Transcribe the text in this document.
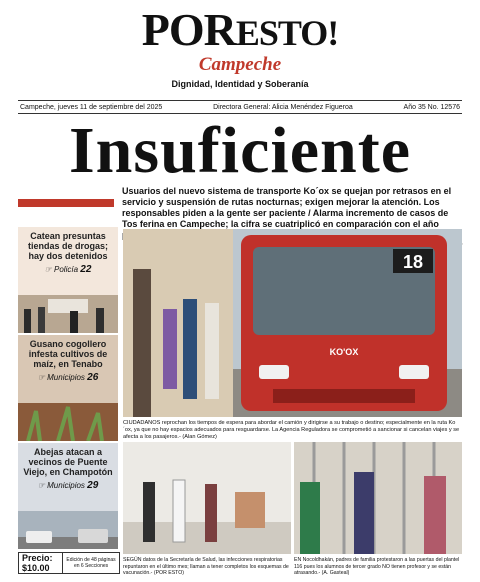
PORESTO!
Campeche
Dignidad, Identidad y Soberanía
Campeche, jueves 11 de septiembre del 2025	Directora General: Alicia Menéndez Figueroa	Año 35 No. 12576
Insuficiente
Usuarios del nuevo sistema de transporte Ko´ox se quejan por retrasos en el servicio y suspensión de rutas nocturnas; exigen mejorar la atención. Los responsables piden a la gente ser paciente / Alarma incremento de casos de Tos ferina en Campeche; la cifra se cuatriplicó en comparación con el año
Catean presuntas tiendas de drogas; hay dos detenidos
☞ Policía 22
Gusano cogollero infesta cultivos de maíz, en Tenabo
☞ Municipios 26
Abejas atacan a vecinos de Puente Viejo, en Champotón
☞ Municipios 29
Precio: $10.00
Edición de 48 páginas en 6 Secciones
18
KO'OX
CIUDADANOS reprochan los tiempos de espera para abordar el camión y dirigirse a su trabajo o destino; especialmente en la ruta Ko´ox, ya que no hay espacios adecuados para resguardarse. La Agencia Reguladora se comprometió a sancionar si cancelan viajes y se afecta a los pasajeros.- (Alan Gómez)
SEGÚN datos de la Secretaría de Salud, las infecciones respiratorias repuntaron en el último mes; llaman a tener completos los esquemas de vacunación.- (POR ESTO)
EN Nocoldhakán, padres de familia protestaron a las puertas del plantel 116 pues los alumnos de tercer grado NO tienen profesor y se están atrasando.- (A. Gasteal)
